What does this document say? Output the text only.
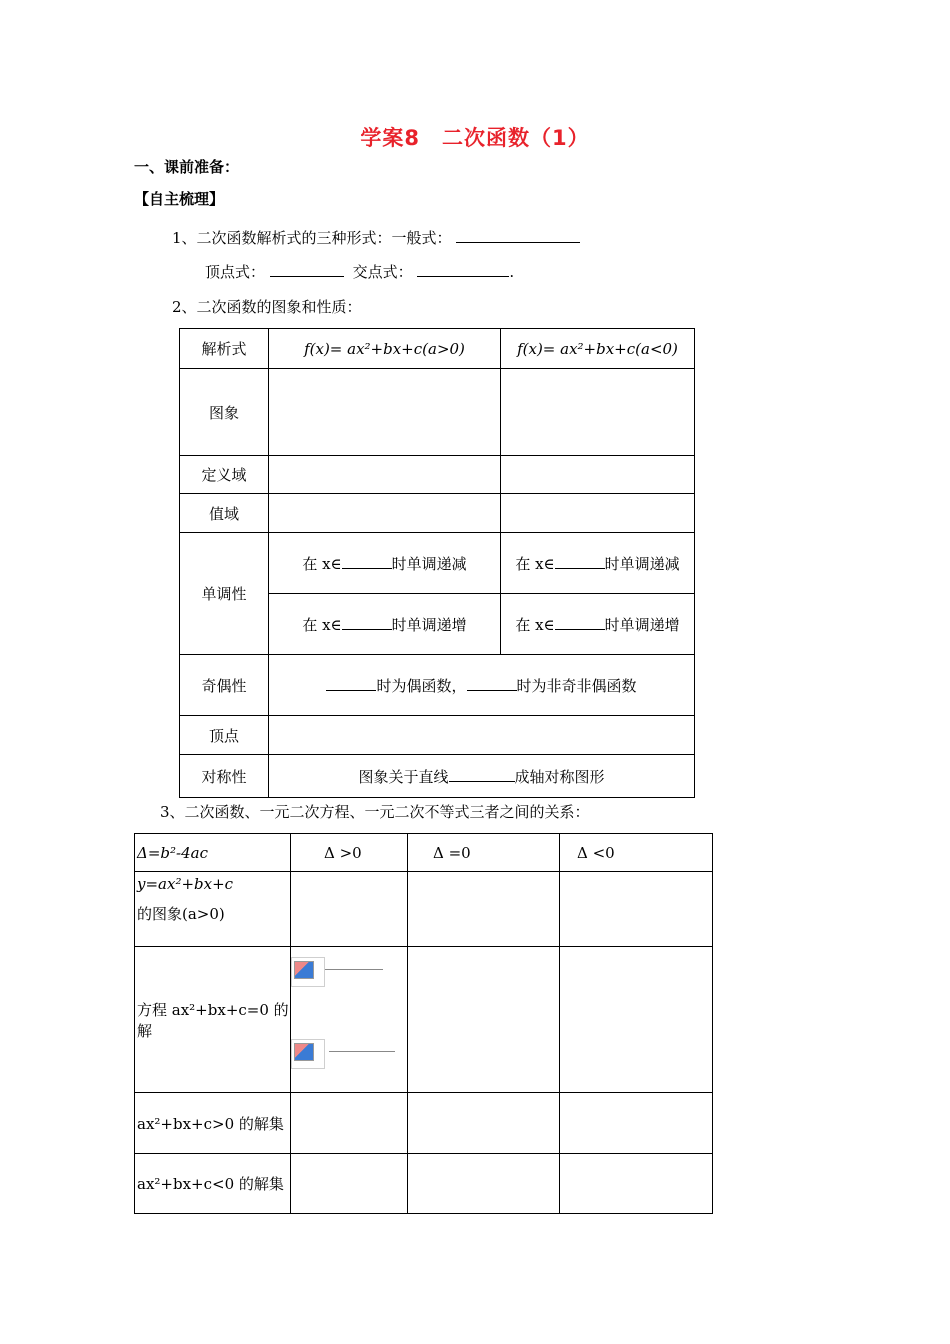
学案8　二次函数（1）
一、课前准备：
【自主梳理】
1、二次函数解析式的三种形式：一般式：
顶点式：	交点式：	.
2、二次函数的图象和性质：
解析式	f(x)= ax²+bx+c(a>0)	f(x)= ax²+bx+c(a<0)
图象		
定义域		
值域		
单调性	在 x∈ 时单调递减	在 x∈ 时单调递减
	在 x∈ 时单调递增	在 x∈ 时单调递增
奇偶性	时为偶函数， 时为非奇非偶函数	
顶点		
对称性	图象关于直线 成轴对称图形	
3、二次函数、一元二次方程、一元二次不等式三者之间的关系：
Δ=b²-4ac	Δ >0	Δ =0	Δ <0

y=ax²+bx+c
的图象(a>0)			

方程 ax²+bx+c=0 的解	

ax²+bx+c>0 的解集			
ax²+bx+c<0 的解集			
